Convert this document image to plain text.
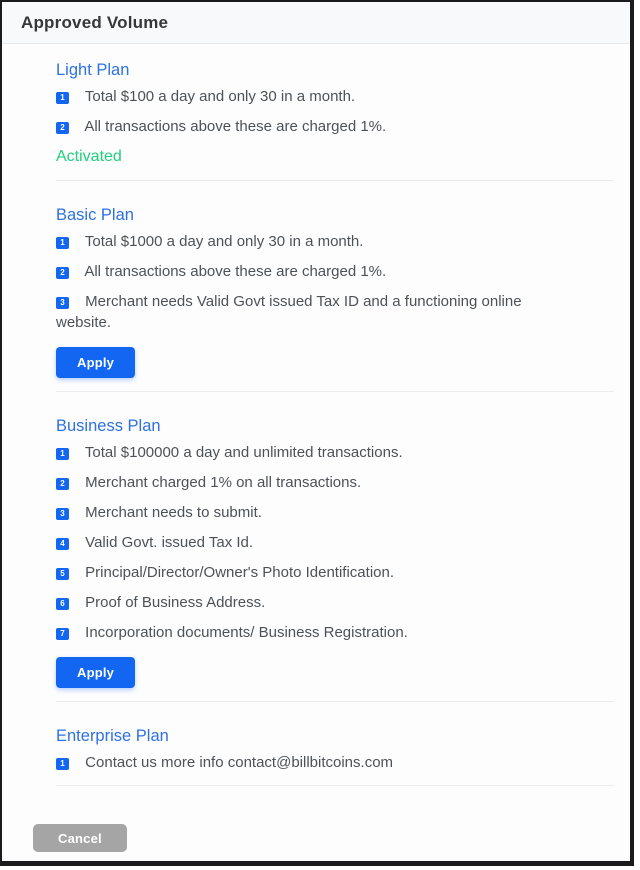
Approved Volume
Light Plan

1 Total $100 a day and only 30 in a month.

2 All transactions above these are charged 1%.

Activated
Basic Plan

1 Total $1000 a day and only 30 in a month.

2 All transactions above these are charged 1%.

3 Merchant needs Valid Govt issued Tax ID and a functioning online website.

Apply
Business Plan

1 Total $100000 a day and unlimited transactions.

2 Merchant charged 1% on all transactions.

3 Merchant needs to submit.

4 Valid Govt. issued Tax Id.

5 Principal/Director/Owner's Photo Identification.

6 Proof of Business Address.

7 Incorporation documents/ Business Registration.

Apply
Enterprise Plan

1 Contact us more info contact@billbitcoins.com

Cancel
